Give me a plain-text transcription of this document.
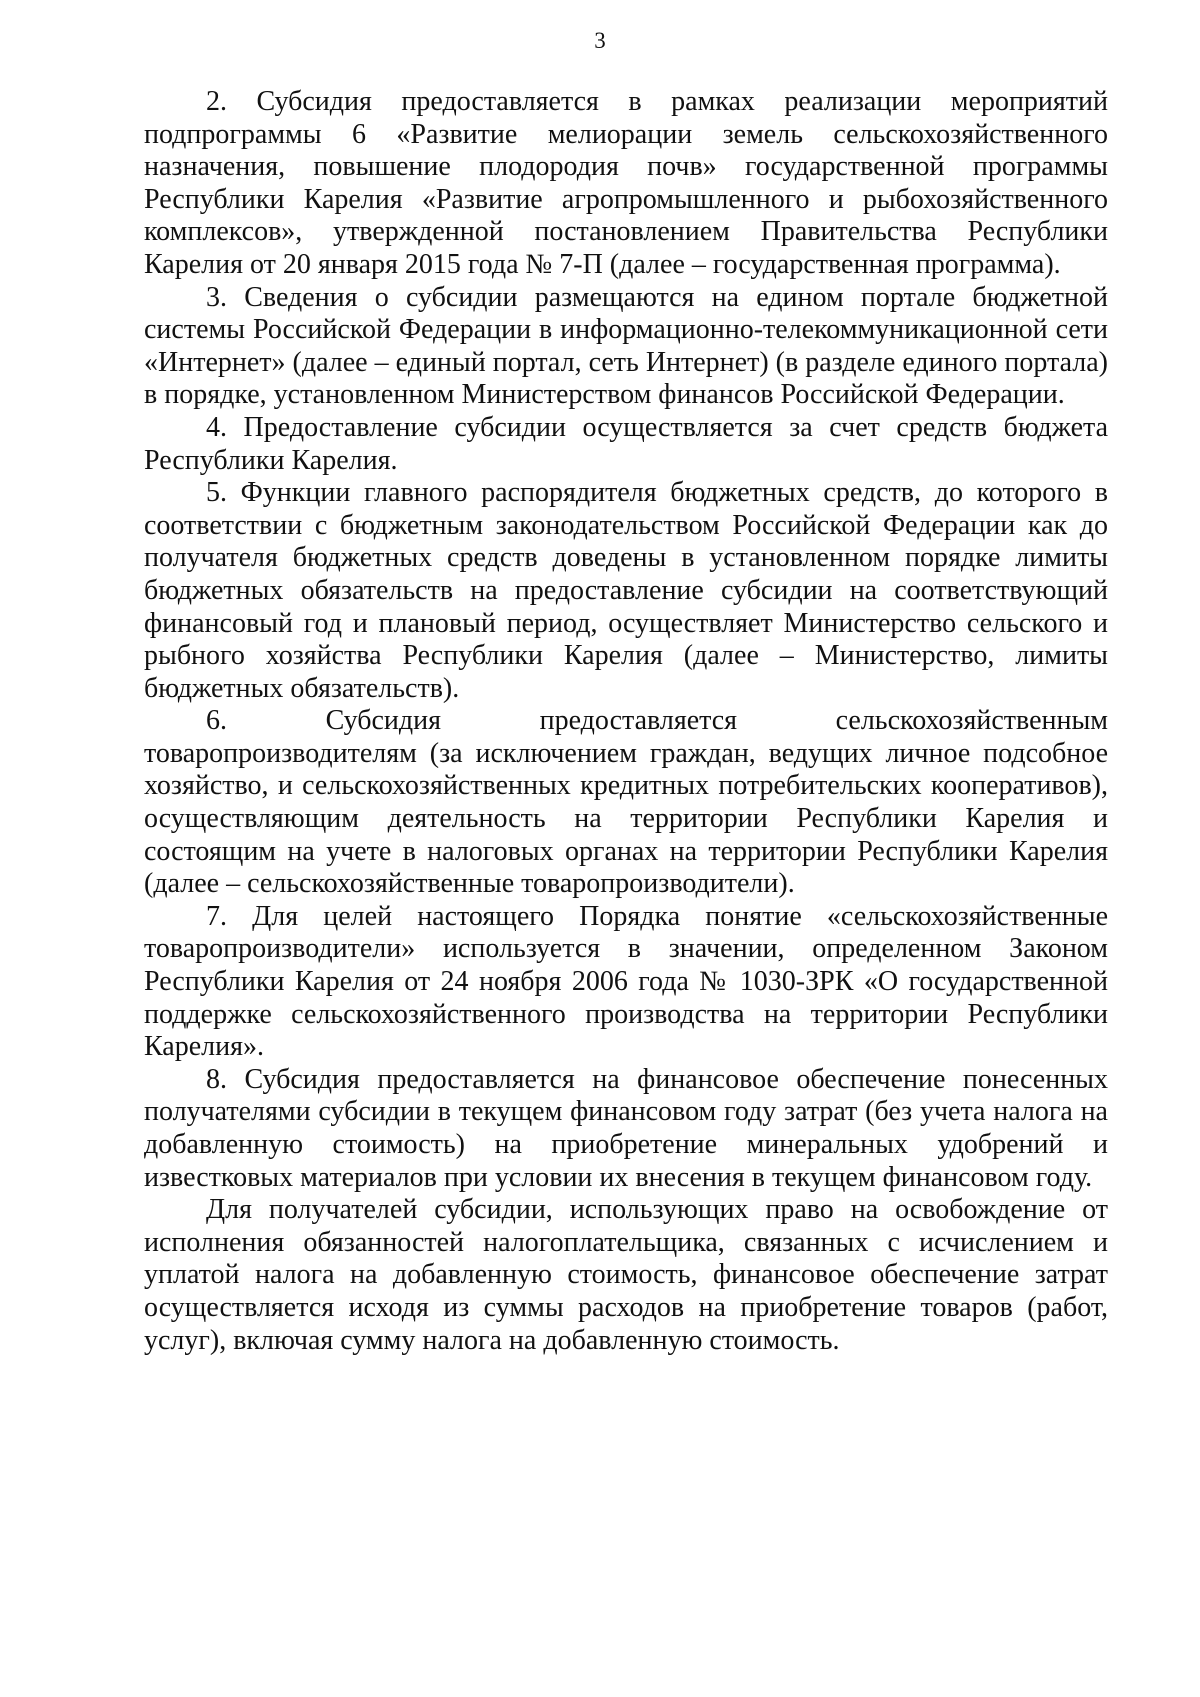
3

2. Субсидия предоставляется в рамках реализации мероприятий подпрограммы 6 «Развитие мелиорации земель сельскохозяйственного назначения, повышение плодородия почв» государственной программы Республики Карелия «Развитие агропромышленного и рыбохозяйственного комплексов», утвержденной постановлением Правительства Республики Карелия от 20 января 2015 года № 7-П (далее – государственная программа).

3. Сведения о субсидии размещаются на едином портале бюджетной системы Российской Федерации в информационно-телекоммуникационной сети «Интернет» (далее – единый портал, сеть Интернет) (в разделе единого портала) в порядке, установленном Министерством финансов Российской Федерации.

4. Предоставление субсидии осуществляется за счет средств бюджета Республики Карелия.

5. Функции главного распорядителя бюджетных средств, до которого в соответствии с бюджетным законодательством Российской Федерации как до получателя бюджетных средств доведены в установленном порядке лимиты бюджетных обязательств на предоставление субсидии на соответствующий финансовый год и плановый период, осуществляет Министерство сельского и рыбного хозяйства Республики Карелия (далее – Министерство, лимиты бюджетных обязательств).

6. Субсидия предоставляется сельскохозяйственным товаропроизводителям (за исключением граждан, ведущих личное подсобное хозяйство, и сельскохозяйственных кредитных потребительских кооперативов), осуществляющим деятельность на территории Республики Карелия и состоящим на учете в налоговых органах на территории Республики Карелия (далее – сельскохозяйственные товаропроизводители).

7. Для целей настоящего Порядка понятие «сельскохозяйственные товаропроизводители» используется в значении, определенном Законом Республики Карелия от 24 ноября 2006 года № 1030-ЗРК «О государственной поддержке сельскохозяйственного производства на территории Республики Карелия».

8. Субсидия предоставляется на финансовое обеспечение понесенных получателями субсидии в текущем финансовом году затрат (без учета налога на добавленную стоимость) на приобретение минеральных удобрений и известковых материалов при условии их внесения в текущем финансовом году.

Для получателей субсидии, использующих право на освобождение от исполнения обязанностей налогоплательщика, связанных с исчислением и уплатой налога на добавленную стоимость, финансовое обеспечение затрат осуществляется исходя из суммы расходов на приобретение товаров (работ, услуг), включая сумму налога на добавленную стоимость.
